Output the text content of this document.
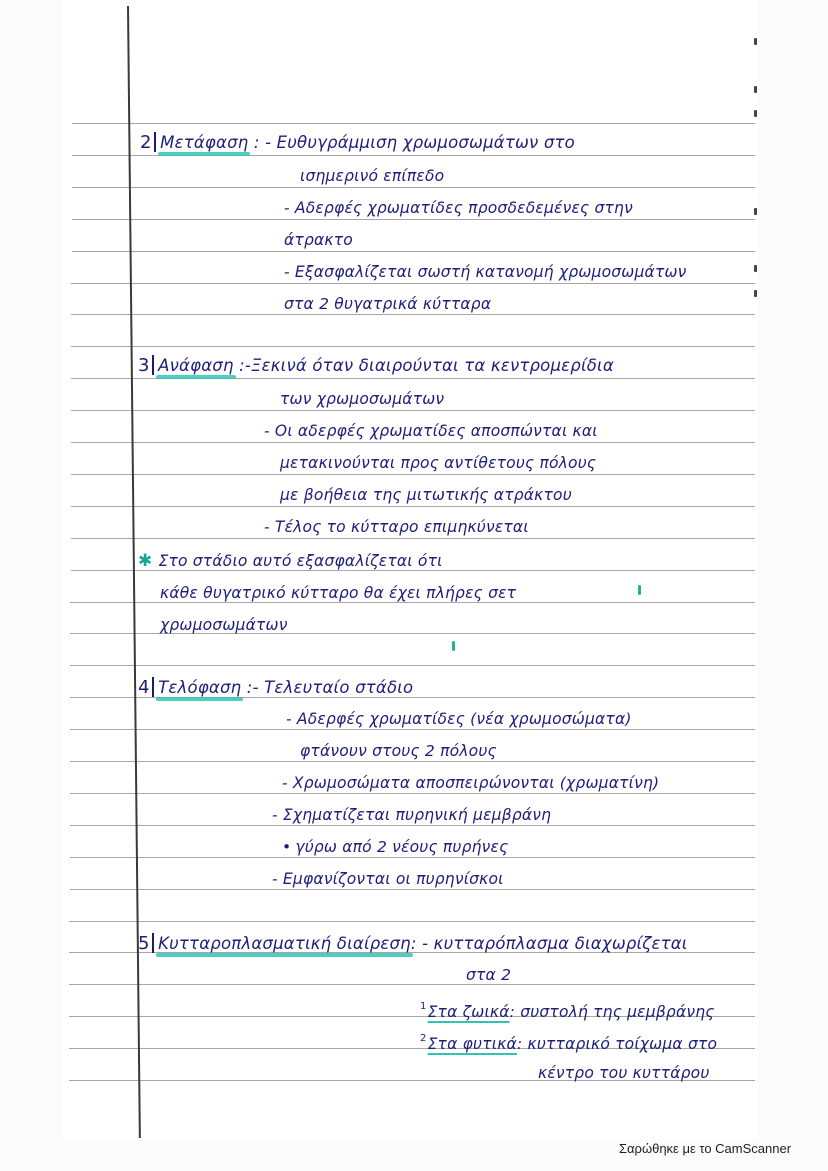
2 Μετάφαση : - Ευθυγράμμιση χρωμοσωμάτων στο
ισημερινό επίπεδο
- Αδερφές χρωματίδες προσδεδεμένες στην
άτρακτο
- Εξασφαλίζεται σωστή κατανομή χρωμοσωμάτων
στα 2 θυγατρικά κύτταρα
3 Ανάφαση :-Ξεκινά όταν διαιρούνται τα κεντρομερίδια
των χρωμοσωμάτων
- Οι αδερφές χρωματίδες αποσπώνται και
μετακινούνται προς αντίθετους πόλους
με βοήθεια της μιτωτικής ατράκτου
- Τέλος το κύτταρο επιμηκύνεται
✱ Στο στάδιο αυτό εξασφαλίζεται ότι
κάθε θυγατρικό κύτταρο θα έχει πλήρες σετ
χρωμοσωμάτων
4 Τελόφαση :- Τελευταίο στάδιο
- Αδερφές χρωματίδες (νέα χρωμοσώματα)
φτάνουν στους 2 πόλους
- Χρωμοσώματα αποσπειρώνονται (χρωματίνη)
- Σχηματίζεται πυρηνική μεμβράνη
• γύρω από 2 νέους πυρήνες
- Εμφανίζονται οι πυρηνίσκοι
5 Κυτταροπλασματική διαίρεση: - κυτταρόπλασμα διαχωρίζεται
στα 2
$^1$Στα ζωικά: συστολή της μεμβράνης
$^2$Στα φυτικά: κυτταρικό τοίχωμα στο
κέντρο του κυττάρου
Σαρώθηκε με το CamScanner
